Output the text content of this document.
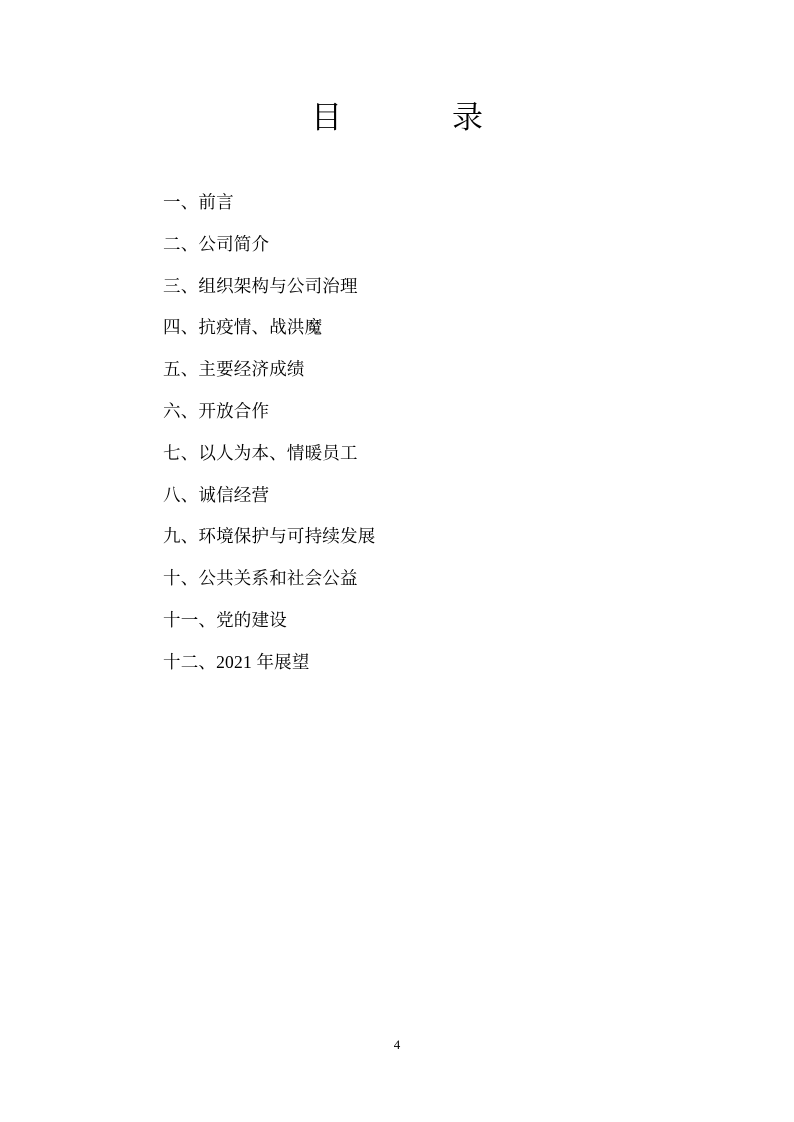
目　　录
一、前言
二、公司简介
三、组织架构与公司治理
四、抗疫情、战洪魔
五、主要经济成绩
六、开放合作
七、以人为本、情暖员工
八、诚信经营
九、环境保护与可持续发展
十、公共关系和社会公益
十一、党的建设
十二、2021 年展望
4
